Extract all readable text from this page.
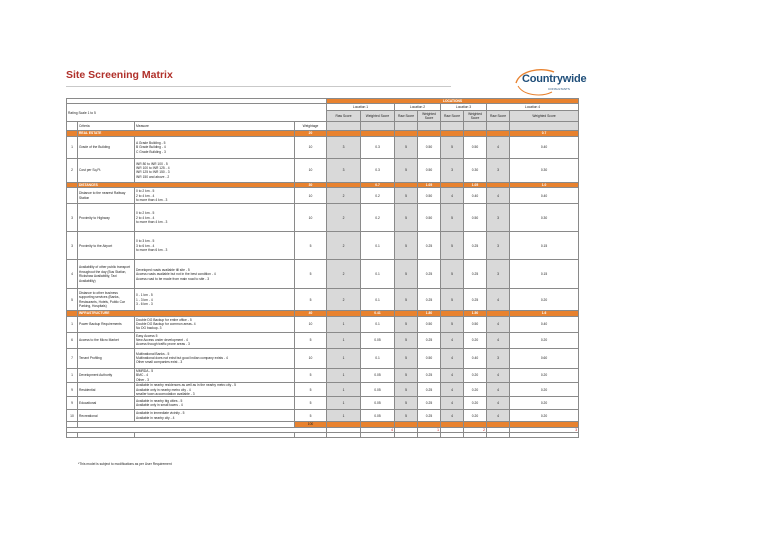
Site Screening Matrix	Countrywide
CONSULTANTS
				LOCATIONS							
Rating Scale 1 to 5				Location 1		Location 2		Location 3		Location 4	
				Raw Score	Weighted Score	Raw Score	Weighted Score	Raw Score	Weighted Score	Raw Score	Weighted Score
	Criteria	Measure	Weightage								
	REAL ESTATE		20								0.7
1	Grade of the Building	A Grade Building - 5
B Grade Building - 4
C Grade Building - 3	10	3	0.3	5	0.50	5	0.50	4	0.40
2	Cost per Sq.Ft.	INR 80 to INR 100 - 5
INR 100 to INR 125 - 4
INR 125 to INR 150 - 3
INR 150 and above - 2	10	3	0.3	5	0.50	3	0.30	3	0.30
	DISTANCES		30		0.7		1.05		1.05		1.0
	Distance to the nearest Railway Station	0 to 2 km - 5
2 to 4 km - 4
to more than 4 km - 3	10	2	0.2	5	0.50	4	0.40	4	0.40
3	Proximity to Highway	0 to 2 km - 5
2 to 4 km - 4
to more than 4 km - 3	10	2	0.2	5	0.50	5	0.50	3	0.30
3	Proximity to the Airport	0 to 3 km - 5
3 to 6 km - 4
to more than 6 km - 3	5	2	0.1	5	0.25	5	0.25	3	0.15
4	Availability of other public transport throughout the day (Bus Station, Rickshaw Availability, Taxi Availability)	Developed roads available till site - 5
Access roads available but not in the best condition - 4
Access road to be made from main road to site - 3	5	2	0.1	5	0.25	5	0.25	3	0.15
5	Distance to other business supporting services (Banks, Restaurants, Hotels, Public Car Parking, Hospitals)	0 - 1 km - 5
1 - 3 km - 4
3 - 6 km - 3	5	2	0.1	5	0.25	5	0.25	4	0.20
	INFRASTRUCTURE		40		0.41		1.80		1.50		1.6
1	Power Backup Requirements	Double DG Backup for entire office - 5
Double DG Backup for common areas- 4
No DG backup- 3	10	1	0.1	5	0.50	5	0.50	4	0.40
6	Access to the Micro Market	Easy Access 5
New Access under development - 4
Access though traffic prone areas - 3	5	1	0.05	5	0.25	4	0.20	4	0.20
7	Tenant Profiling	Multinational Banks - 5
Multinational does not exist but good Indian company exists - 4
Other small companies exist - 3	10	1	0.1	5	0.50	4	0.40	3	0.60
1	Development Authority	MMRDA - 5
BMC - 4
Other - 3	5	1	0.05	5	0.25	4	0.20	4	0.20
9	Residential	Available in nearby residences as well as in the nearby metro city - 5
Available only in nearby metro city - 4
smaller town accomodation available - 3	5	1	0.05	5	0.25	4	0.20	4	0.20
9	Educational	Available in nearby big cities - 5
Available only in small towns - 4	5	1	0.05	5	0.25	4	0.20	4	0.20
10	Recreational	Available in immediate vicinity - 5
Available in nearby city - 4	5	1	0.05	5	0.25	4	0.20	4	0.20
			100								
					4		1		2		3

*This model is subject to modifications as per User Requirement
